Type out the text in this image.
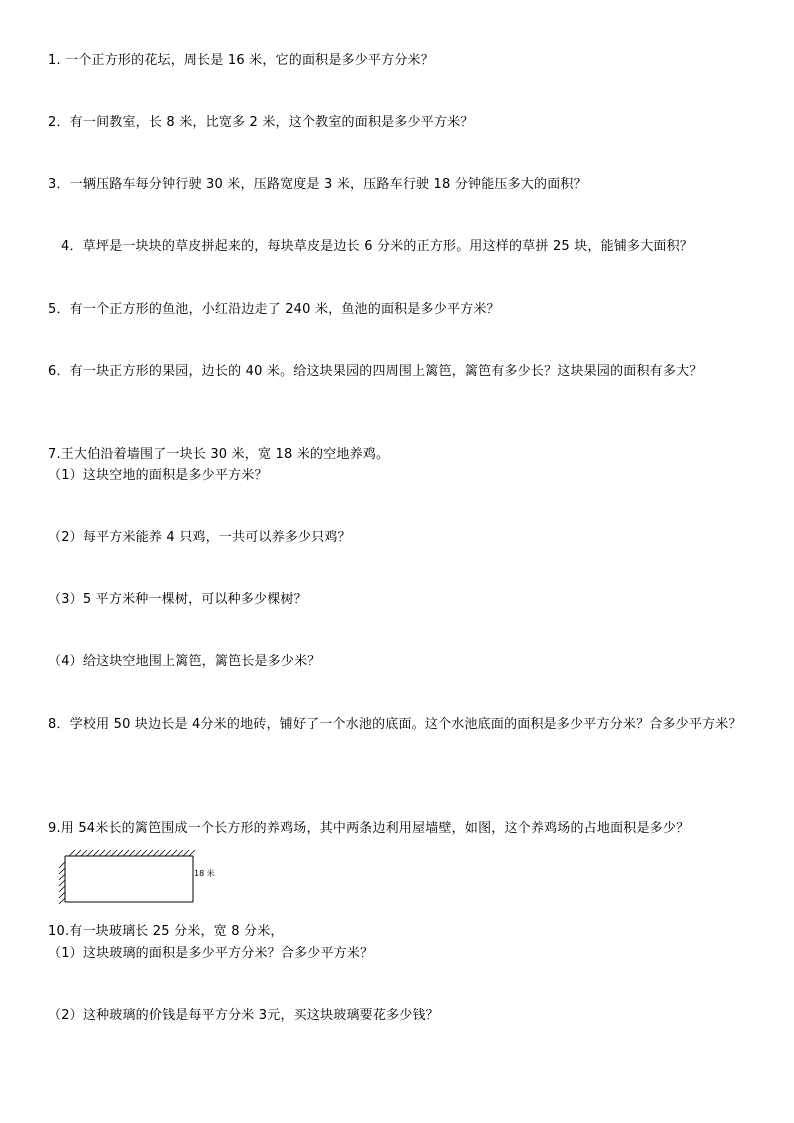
1. 一个正方形的花坛，周长是 16 米，它的面积是多少平方分米？
2．有一间教室，长 8 米，比宽多 2 米，这个教室的面积是多少平方米？
3．一辆压路车每分钟行驶 30 米，压路宽度是 3 米，压路车行驶 18 分钟能压多大的面积？
4．草坪是一块块的草皮拼起来的，每块草皮是边长 6 分米的正方形。用这样的草拼 25 块，能铺多大面积？
5．有一个正方形的鱼池，小红沿边走了 240 米，鱼池的面积是多少平方米？
6．有一块正方形的果园，边长的 40 米。给这块果园的四周围上篱笆，篱笆有多少长？这块果园的面积有多大？
7.王大伯沿着墙围了一块长 30 米，宽 18 米的空地养鸡。
（1）这块空地的面积是多少平方米？
（2）每平方米能养 4 只鸡，一共可以养多少只鸡？
（3）5 平方米种一棵树，可以种多少棵树？
（4）给这块空地围上篱笆，篱笆长是多少米？
8．学校用 50 块边长是 4分米的地砖，铺好了一个水池的底面。这个水池底面的面积是多少平方分米？合多少平方米？
9.用 54米长的篱笆围成一个长方形的养鸡场，其中两条边利用屋墙壁，如图，这个养鸡场的占地面积是多少？
18 米
10.有一块玻璃长 25 分米，宽 8 分米，
（1）这块玻璃的面积是多少平方分米？合多少平方米？
（2）这种玻璃的价钱是每平方分米 3元，买这块玻璃要花多少钱？
